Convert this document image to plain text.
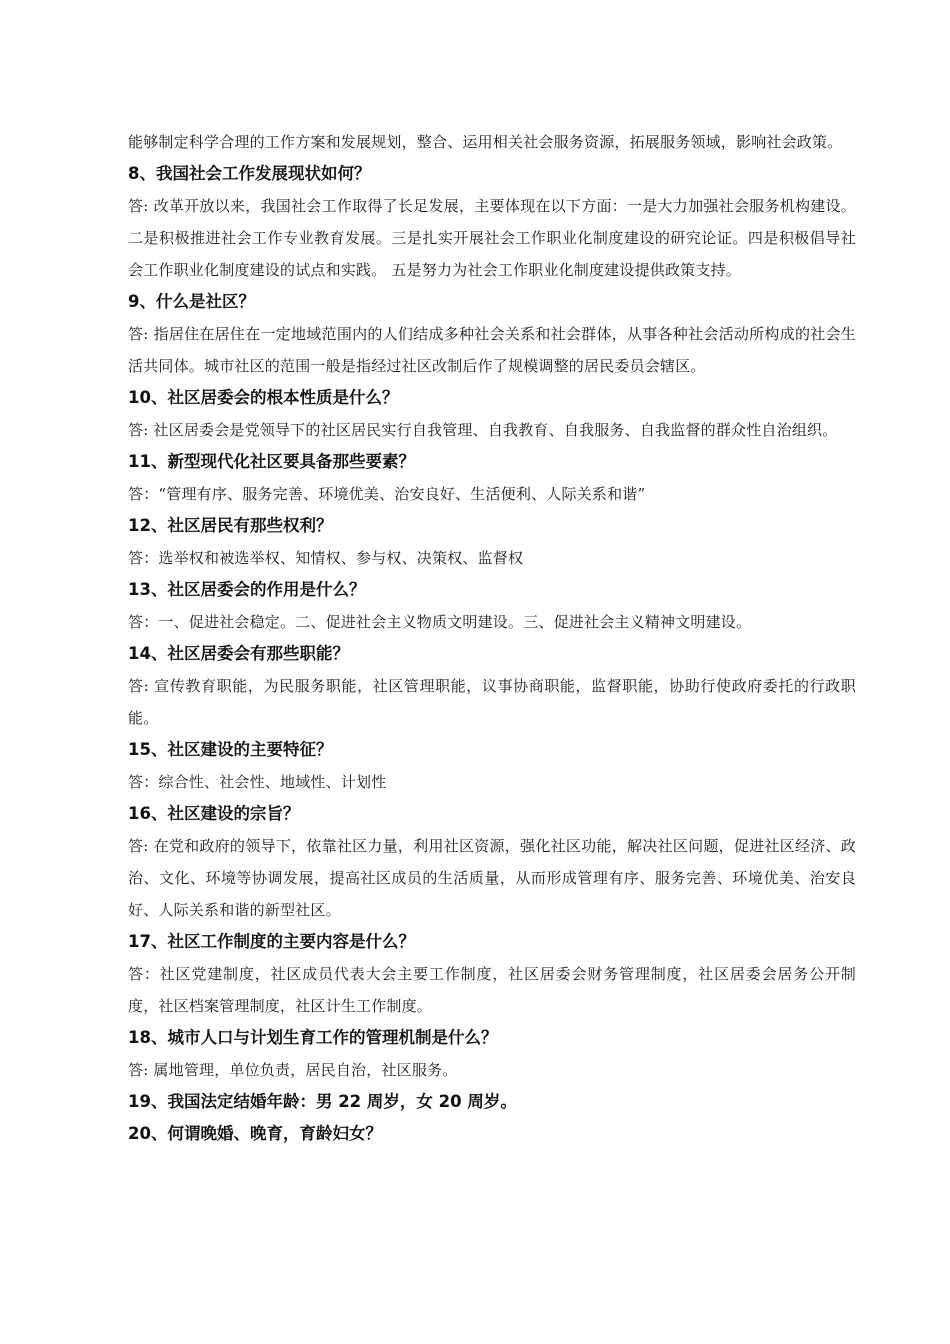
能够制定科学合理的工作方案和发展规划，整合、运用相关社会服务资源，拓展服务领域，影响社会政策。

8、我国社会工作发展现状如何？

答: 改革开放以来，我国社会工作取得了长足发展，主要体现在以下方面：一是大力加强社会服务机构建设。二是积极推进社会工作专业教育发展。三是扎实开展社会工作职业化制度建设的研究论证。四是积极倡导社会工作职业化制度建设的试点和实践。 五是努力为社会工作职业化制度建设提供政策支持。

9、什么是社区？

答: 指居住在居住在一定地域范围内的人们结成多种社会关系和社会群体，从事各种社会活动所构成的社会生活共同体。城市社区的范围一般是指经过社区改制后作了规模调整的居民委员会辖区。

10、社区居委会的根本性质是什么？

答: 社区居委会是党领导下的社区居民实行自我管理、自我教育、自我服务、自我监督的群众性自治组织。

11、新型现代化社区要具备那些要素？

答：“管理有序、服务完善、环境优美、治安良好、生活便利、人际关系和谐”

12、社区居民有那些权利？

答：选举权和被选举权、知情权、参与权、决策权、监督权

13、社区居委会的作用是什么？

答：一、促进社会稳定。二、促进社会主义物质文明建设。三、促进社会主义精神文明建设。

14、社区居委会有那些职能？

答: 宣传教育职能，为民服务职能，社区管理职能，议事协商职能，监督职能，协助行使政府委托的行政职能。

15、社区建设的主要特征？

答：综合性、社会性、地域性、计划性

16、社区建设的宗旨？

答: 在党和政府的领导下，依靠社区力量，利用社区资源，强化社区功能，解决社区问题，促进社区经济、政治、文化、环境等协调发展，提高社区成员的生活质量，从而形成管理有序、服务完善、环境优美、治安良好、人际关系和谐的新型社区。

17、社区工作制度的主要内容是什么？

答：社区党建制度，社区成员代表大会主要工作制度，社区居委会财务管理制度，社区居委会居务公开制度，社区档案管理制度，社区计生工作制度。

18、城市人口与计划生育工作的管理机制是什么？

答: 属地管理，单位负责，居民自治，社区服务。

19、我国法定结婚年龄：男 22 周岁，女 20 周岁。

20、何谓晚婚、晚育，育龄妇女？
